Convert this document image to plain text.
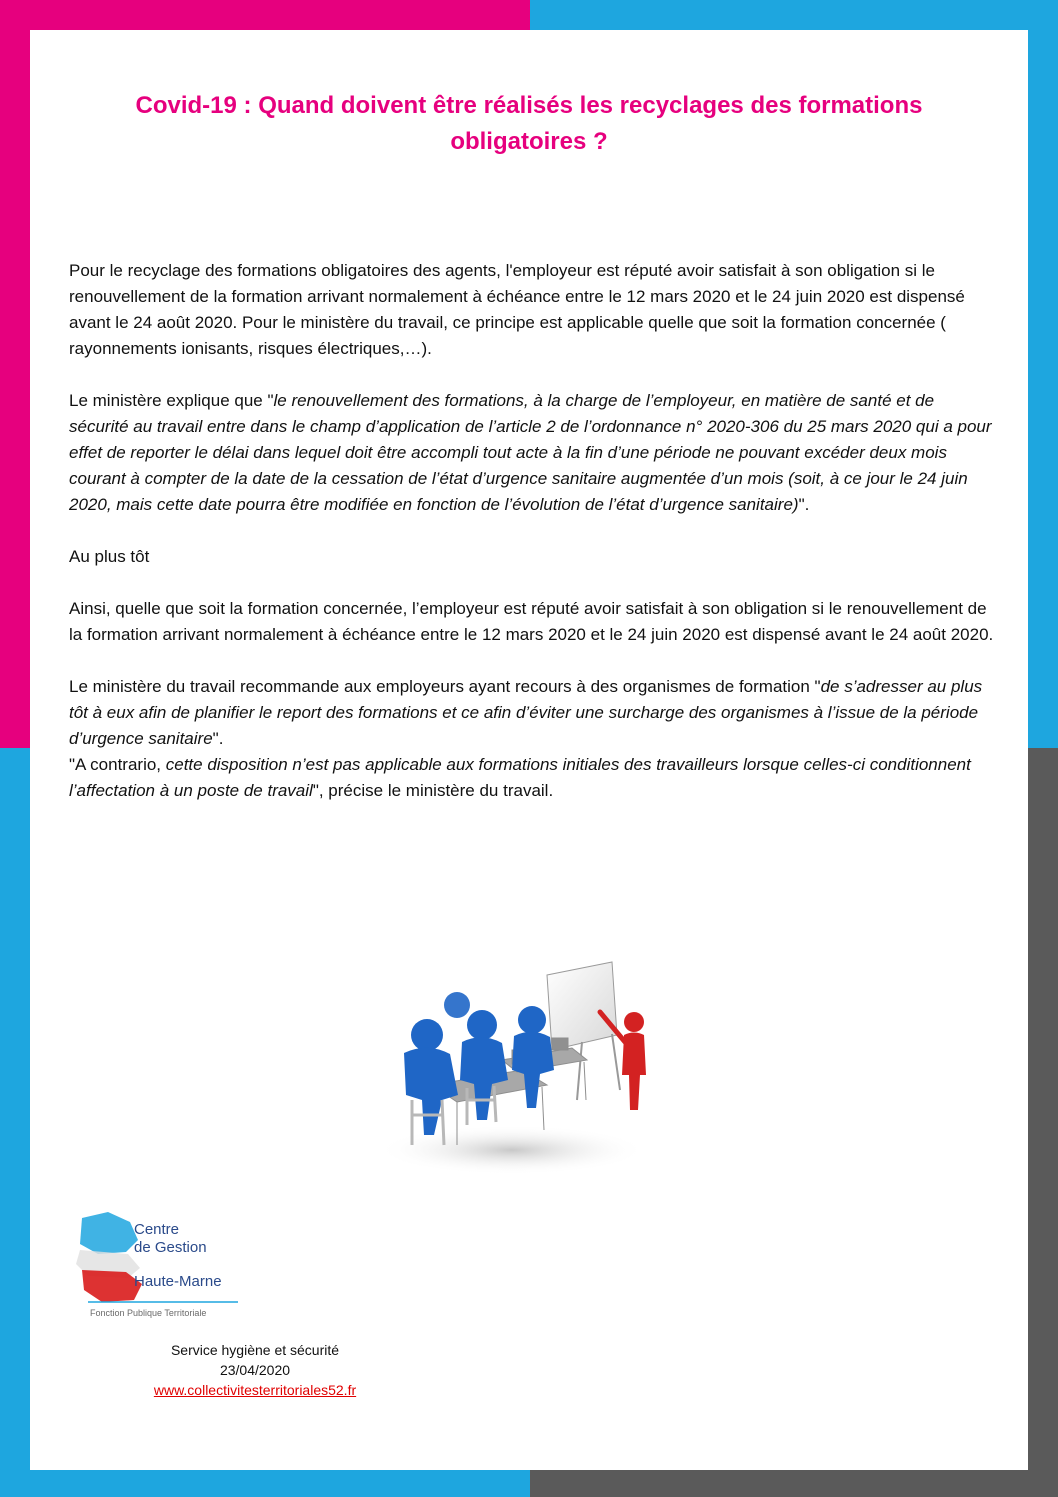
Covid-19 : Quand doivent être réalisés les recyclages des formations
obligatoires ?

Pour le recyclage des formations obligatoires des agents, l'employeur est réputé avoir satisfait à son obligation si le renouvellement de la formation arrivant normalement à échéance entre le 12 mars 2020 et le 24 juin 2020 est dispensé avant le 24 août 2020. Pour le ministère du travail, ce principe est applicable quelle que soit la formation concernée ( rayonnements ionisants, risques électriques,…).

Le ministère explique que "le renouvellement des formations, à la charge de l’employeur, en matière de santé et de sécurité au travail entre dans le champ d’application de l’article 2 de l’ordonnance n° 2020-306 du 25 mars 2020 qui a pour effet de reporter le délai dans lequel doit être accompli tout acte à la fin d’une période ne pouvant excéder deux mois courant à compter de la date de la cessation de l’état d’urgence sanitaire augmentée d’un mois (soit, à ce jour le 24 juin 2020, mais cette date pourra être modifiée en fonction de l’évolution de l’état d’urgence sanitaire)".

Au plus tôt

Ainsi, quelle que soit la formation concernée, l’employeur est réputé avoir satisfait à son obligation si le renouvellement de la formation arrivant normalement à échéance entre le 12 mars 2020 et le 24 juin 2020 est dispensé avant le 24 août 2020.

Le ministère du travail recommande aux employeurs ayant recours à des organismes de formation "de s’adresser au plus tôt à eux afin de planifier le report des formations et ce afin d’éviter une surcharge des organismes à l’issue de la période d’urgence sanitaire".

"A contrario, cette disposition n’est pas applicable aux formations initiales des travailleurs lorsque celles-ci conditionnent l’affectation à un poste de travail", précise le ministère du travail.

Centre
de Gestion
Haute-Marne
Fonction Publique Territoriale
Service hygiène et sécurité
23/04/2020
www.collectivitesterritoriales52.fr
